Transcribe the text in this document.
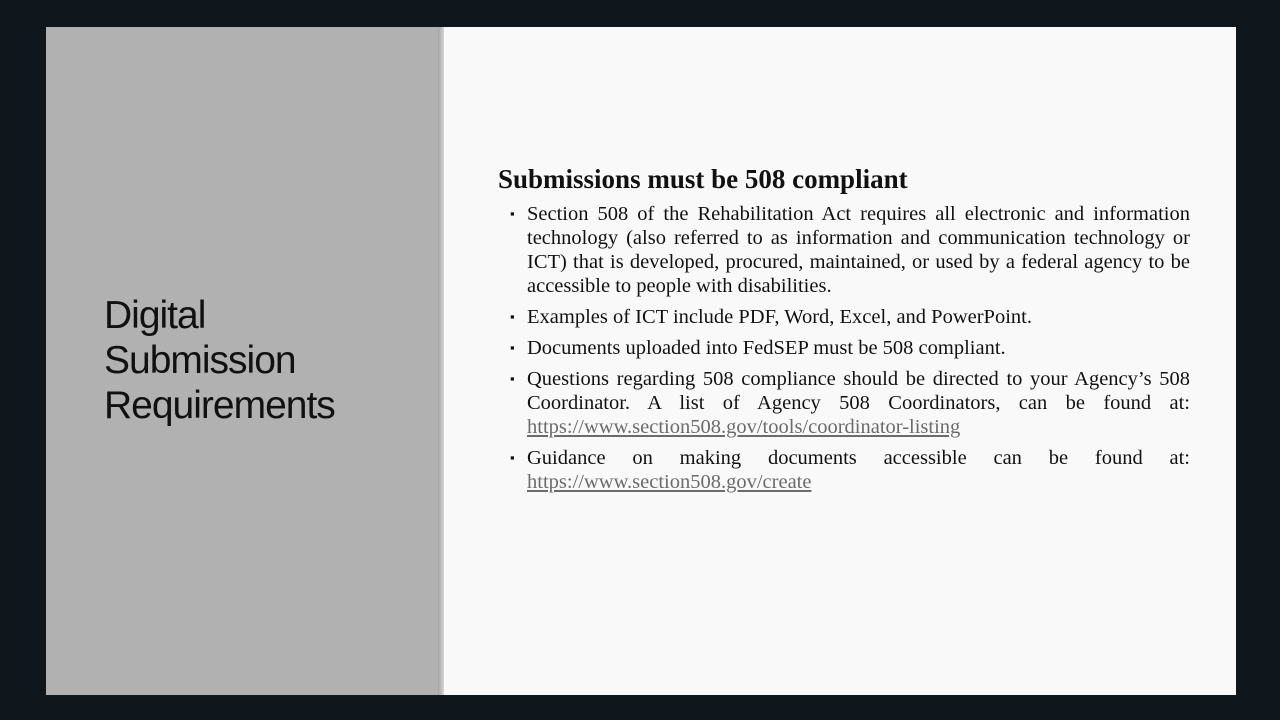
Digital
Submission
Requirements
Submissions must be 508 compliant
▪ Section 508 of the Rehabilitation Act requires all electronic and information technology (also referred to as information and communication technology or ICT) that is developed, procured, maintained, or used by a federal agency to be accessible to people with disabilities.
▪ Examples of ICT include PDF, Word, Excel, and PowerPoint.
▪ Documents uploaded into FedSEP must be 508 compliant.
▪ Questions regarding 508 compliance should be directed to your Agency’s 508 Coordinator. A list of Agency 508 Coordinators, can be found at: https://www.section508.gov/tools/coordinator-listing
▪ Guidance on making documents accessible can be found at: https://www.section508.gov/create
